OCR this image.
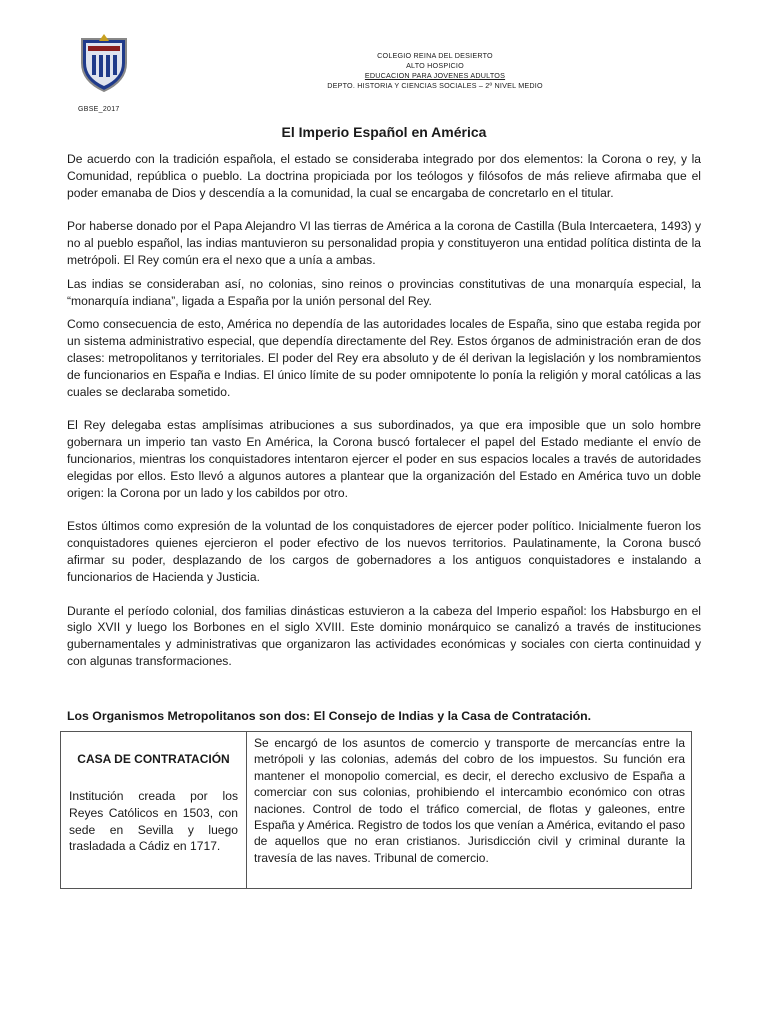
GBSE_2017
COLEGIO REINA DEL DESIERTO
ALTO HOSPICIO
EDUCACION PARA JOVENES ADULTOS
DEPTO. HISTORIA Y CIENCIAS SOCIALES – 2º NIVEL MEDIO
El Imperio Español en América

De acuerdo con la tradición española, el estado se consideraba integrado por dos elementos: la Corona o rey, y la Comunidad, república o pueblo. La doctrina propiciada por los teólogos y filósofos de más relieve afirmaba que el poder emanaba de Dios y descendía a la comunidad, la cual se encargaba de concretarlo en el titular.

Por haberse donado por el Papa Alejandro VI las tierras de América a la corona de Castilla (Bula Intercaetera, 1493) y no al pueblo español, las indias mantuvieron su personalidad propia y constituyeron una entidad política distinta de la metrópoli. El Rey común era el nexo que a unía a ambas.

Las indias se consideraban así, no colonias, sino reinos o provincias constitutivas de una monarquía especial, la “monarquía indiana”, ligada a España por la unión personal del Rey.

Como consecuencia de esto, América no dependía de las autoridades locales de España, sino que estaba regida por un sistema administrativo especial, que dependía directamente del Rey. Estos órganos de administración eran de dos clases: metropolitanos y territoriales. El poder del Rey era absoluto y de él derivan la legislación y los nombramientos de funcionarios en España e Indias. El único límite de su poder omnipotente lo ponía la religión y moral católicas a las cuales se declaraba sometido.

El Rey delegaba estas amplísimas atribuciones a sus subordinados, ya que era imposible que un solo hombre gobernara un imperio tan vasto En América, la Corona buscó fortalecer el papel del Estado mediante el envío de funcionarios, mientras los conquistadores intentaron ejercer el poder en sus espacios locales a través de autoridades elegidas por ellos. Esto llevó a algunos autores a plantear que la organización del Estado en América tuvo un doble origen: la Corona por un lado y los cabildos por otro.

Estos últimos como expresión de la voluntad de los conquistadores de ejercer poder político. Inicialmente fueron los conquistadores quienes ejercieron el poder efectivo de los nuevos territorios. Paulatinamente, la Corona buscó afirmar su poder, desplazando de los cargos de gobernadores a los antiguos conquistadores e instalando a funcionarios de Hacienda y Justicia.

Durante el período colonial, dos familias dinásticas estuvieron a la cabeza del Imperio español: los Habsburgo en el siglo XVII y luego los Borbones en el siglo XVIII. Este dominio monárquico se canalizó a través de instituciones gubernamentales y administrativas que organizaron las actividades económicas y sociales con cierta continuidad y con algunas transformaciones.

Los Organismos Metropolitanos son dos: El Consejo de Indias y la Casa de Contratación.
CASA DE CONTRATACIÓN
Institución creada por los Reyes Católicos en 1503, con sede en Sevilla y luego trasladada a Cádiz en 1717.
Se encargó de los asuntos de comercio y transporte de mercancías entre la metrópoli y las colonias, además del cobro de los impuestos. Su función era mantener el monopolio comercial, es decir, el derecho exclusivo de España a comerciar con sus colonias, prohibiendo el intercambio económico con otras naciones. Control de todo el tráfico comercial, de flotas y galeones, entre España y América. Registro de todos los que venían a América, evitando el paso de aquellos que no eran cristianos. Jurisdicción civil y criminal durante la travesía de las naves. Tribunal de comercio.
